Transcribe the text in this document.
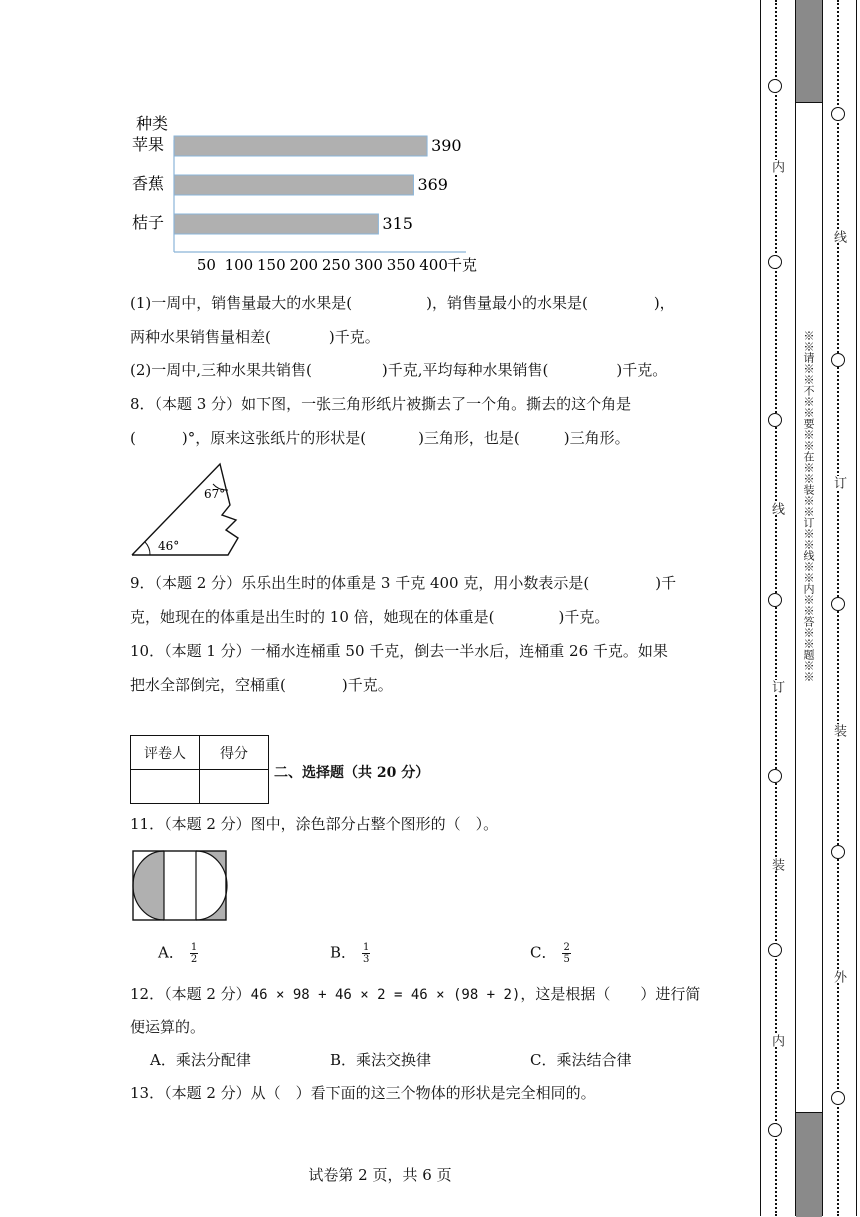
种类
苹果	390
香蕉	369
桔子	315
50 100 150 200 250 300 350 400 千克
(1)一周中，销售量最大的水果是(	)，销售量最小的水果是(	)，
两种水果销售量相差(	)千克。
(2)一周中,三种水果共销售(	)千克,平均每种水果销售(	)千克。
8．（本题 3 分）如下图，一张三角形纸片被撕去了一个角。撕去的这个角是
(	)°，原来这张纸片的形状是(	)三角形，也是(	)三角形。
67°
46°
9．（本题 2 分）乐乐出生时的体重是 3 千克 400 克，用小数表示是(	)千
克，她现在的体重是出生时的 10 倍，她现在的体重是(	)千克。
10．（本题 1 分）一桶水连桶重 50 千克，倒去一半水后，连桶重 26 千克。如果
把水全部倒完，空桶重(	)千克。
评卷人	得分

二、选择题（共 20 分）
11．（本题 2 分）图中，涂色部分占整个图形的（　）。
A． $\frac{1}{2}$	B． $\frac{1}{3}$	C． $\frac{2}{5}$
12．（本题 2 分）46 × 98 + 46 × 2 = 46 × (98 + 2)，这是根据（　　）进行简
便运算的。
A．乘法分配律	B．乘法交换律	C．乘法结合律
13．（本题 2 分）从（　）看下面的这三个物体的形状是完全相同的。
试卷第 2 页，共 6 页
※※请※※不※※要※※在※※装※※订※※线※※内※※答※※题※※
内
线
订
装
内
线
订
装
外
